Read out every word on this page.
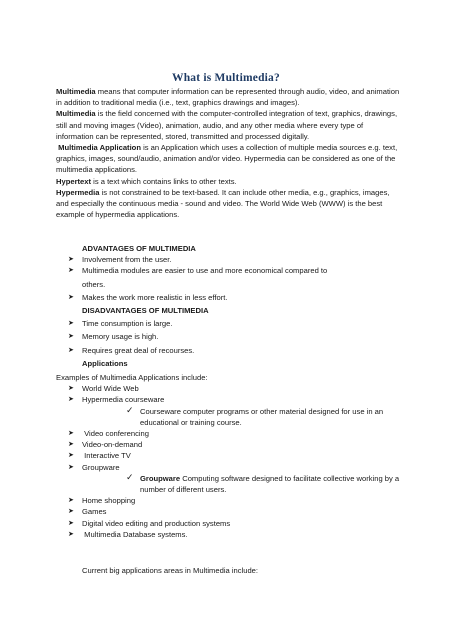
What is Multimedia?

Multimedia means that computer information can be represented through audio, video, and animation in addition to traditional media (i.e., text, graphics drawings and images).

Multimedia is the field concerned with the computer-controlled integration of text, graphics, drawings, still and moving images (Video), animation, audio, and any other media where every type of information can be represented, stored, transmitted and processed digitally.

Multimedia Application is an Application which uses a collection of multiple media sources e.g. text, graphics, images, sound/audio, animation and/or video. Hypermedia can be considered as one of the multimedia applications.

Hypertext is a text which contains links to other texts.

Hypermedia is not constrained to be text-based. It can include other media, e.g., graphics, images, and especially the continuous media - sound and video. The World Wide Web (WWW) is the best example of hypermedia applications.

ADVANTAGES OF MULTIMEDIA
➤	Involvement from the user.
➤	Multimedia modules are easier to use and more economical compared to
others.
➤	Makes the work more realistic in less effort.
DISADVANTAGES OF MULTIMEDIA
➤	Time consumption is large.
➤	Memory usage is high.
➤	Requires great deal of recourses.
Applications
Examples of Multimedia Applications include:
➤	World Wide Web
➤	Hypermedia courseware
✓ Courseware computer programs or other material designed for use in an
educational or training course.
➤	Video conferencing
➤	Video-on-demand
➤	Interactive TV
➤	Groupware
✓ Groupware Computing software designed to facilitate collective working by a
number of different users.
➤	Home shopping
➤	Games
➤	Digital video editing and production systems
➤	Multimedia Database systems.
Current big applications areas in Multimedia include:
